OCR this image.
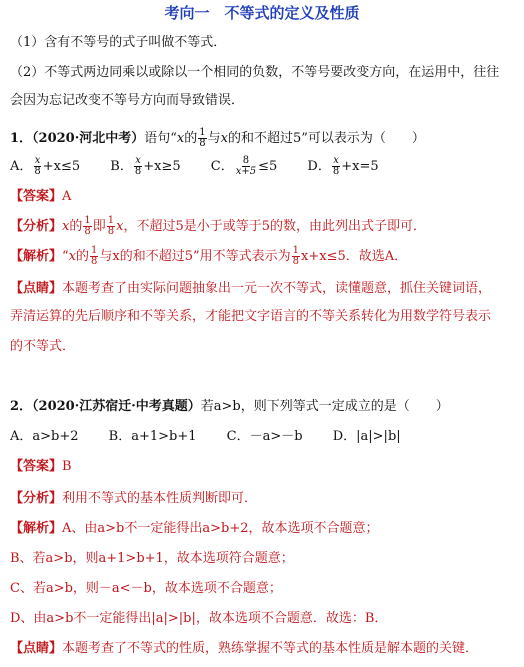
考向一　不等式的定义及性质
（1）含有不等号的式子叫做不等式．
（2）不等式两边同乘以或除以一个相同的负数，不等号要改变方向，在运用中，往往
会因为忘记改变不等号方向而导致错误．
1．（2020·河北中考）语句“x的 $\frac{1}{8}$ 与x的和不超过5”可以表示为（　　）
A． $\frac{x}{8} +x\le 5$ B． $\frac{x}{8} +x\ge 5$ C． $\frac{8}{x+5} \le 5$ D． $\frac{x}{8} +x=5$
【答案】A
【分析】x的 $\frac{1}{8}$ 即 $\frac{1}{8}$ x，不超过5是小于或等于5的数，由此列出式子即可．
【解析】“x的 $\frac{1}{8}$ 与x的和不超过5”用不等式表示为 $\frac{1}{8} x+x\le 5$．故选A．
【点睛】本题考查了由实际问题抽象出一元一次不等式，读懂题意，抓住关键词语，
弄清运算的先后顺序和不等关系，才能把文字语言的不等关系转化为用数学符号表示
的不等式．
2．（2020·江苏宿迁·中考真题）若a>b，则下列等式一定成立的是（　　）
A．a>b+2 B．a+1>b+1 C．－a>－b D．|a|>|b|
【答案】B
【分析】利用不等式的基本性质判断即可．
【解析】A、由a>b不一定能得出a>b+2，故本选项不合题意；
B、若a>b，则a+1>b+1，故本选项符合题意；
C、若a>b，则－a<－b，故本选项不合题意；
D、由a>b不一定能得出|a|>|b|，故本选项不合题意．故选：B．
【点睛】本题考查了不等式的性质，熟练掌握不等式的基本性质是解本题的关键．
